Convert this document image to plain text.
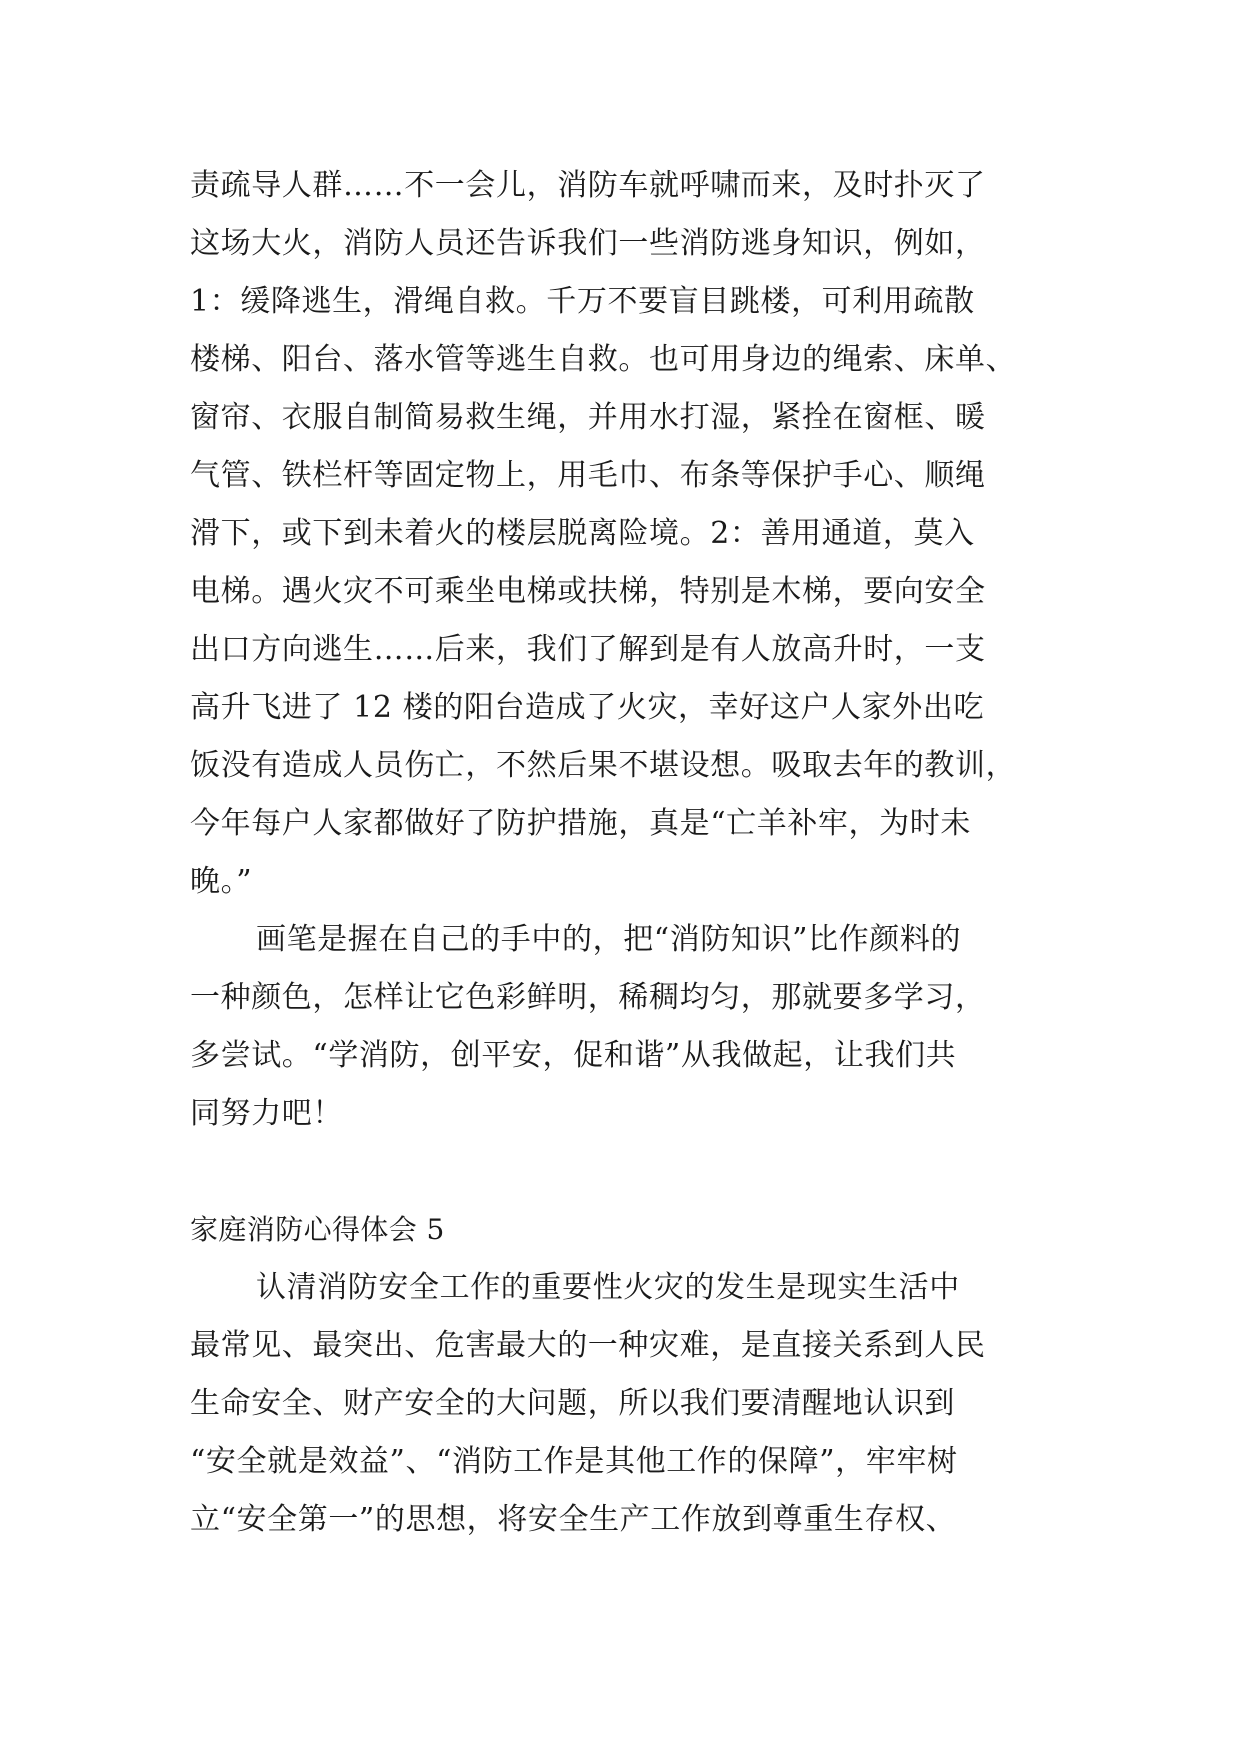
责疏导人群……不一会儿，消防车就呼啸而来，及时扑灭了
这场大火，消防人员还告诉我们一些消防逃身知识，例如，
1：缓降逃生，滑绳自救。千万不要盲目跳楼，可利用疏散
楼梯、阳台、落水管等逃生自救。也可用身边的绳索、床单、
窗帘、衣服自制简易救生绳，并用水打湿，紧拴在窗框、暖
气管、铁栏杆等固定物上，用毛巾、布条等保护手心、顺绳
滑下，或下到未着火的楼层脱离险境。2：善用通道，莫入
电梯。遇火灾不可乘坐电梯或扶梯，特别是木梯，要向安全
出口方向逃生……后来，我们了解到是有人放高升时，一支
高升飞进了 12 楼的阳台造成了火灾，幸好这户人家外出吃
饭没有造成人员伤亡，不然后果不堪设想。吸取去年的教训，
今年每户人家都做好了防护措施，真是“亡羊补牢，为时未
晚。”
画笔是握在自己的手中的，把“消防知识”比作颜料的
一种颜色，怎样让它色彩鲜明，稀稠均匀，那就要多学习，
多尝试。“学消防，创平安，促和谐”从我做起，让我们共
同努力吧！
家庭消防心得体会 5
认清消防安全工作的重要性火灾的发生是现实生活中
最常见、最突出、危害最大的一种灾难，是直接关系到人民
生命安全、财产安全的大问题，所以我们要清醒地认识到
“安全就是效益”、“消防工作是其他工作的保障”，牢牢树
立“安全第一”的思想，将安全生产工作放到尊重生存权、
